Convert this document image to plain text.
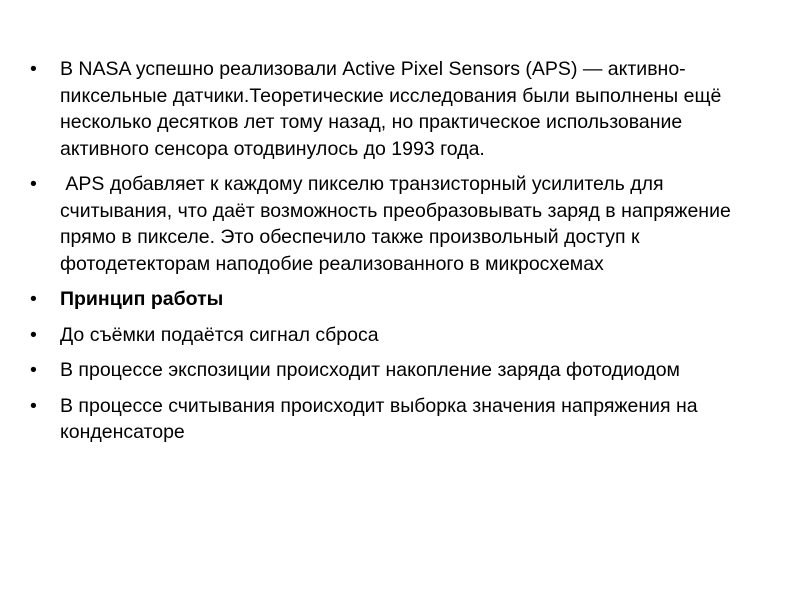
•	В NASA успешно реализовали Active Pixel Sensors (APS) — активно-пиксельные датчики.Теоретические исследования были выполнены ещё несколько десятков лет тому назад, но практическое использование активного сенсора отодвинулось до 1993 года.
•	APS добавляет к каждому пикселю транзисторный усилитель для считывания, что даёт возможность преобразовывать заряд в напряжение прямо в пикселе. Это обеспечило также произвольный доступ к фотодетекторам наподобие реализованного в микросхемах
•	Принцип работы
•	До съёмки подаётся сигнал сброса
•	В процессе экспозиции происходит накопление заряда фотодиодом
•	В процессе считывания происходит выборка значения напряжения на конденсаторе
